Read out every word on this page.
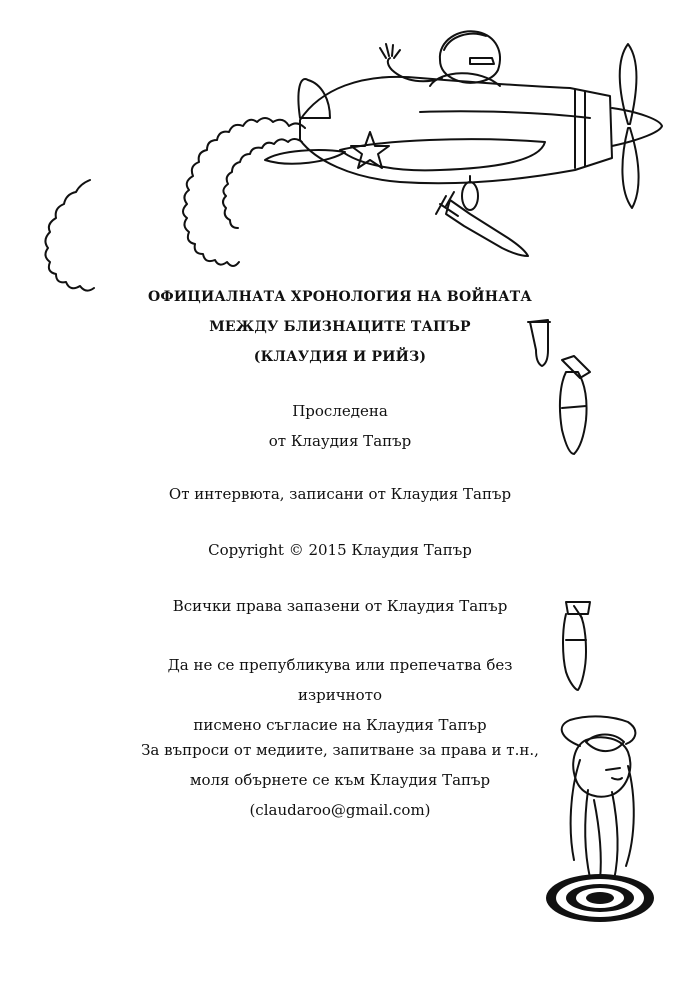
ОФИЦИАЛНАТА ХРОНОЛОГИЯ НА ВОЙНАТА
МЕЖДУ БЛИЗНАЦИТЕ ТАПЪР
(КЛАУДИЯ И РИЙЗ)
Проследена
от Клаудия Тапър
От интервюта, записани от Клаудия Тапър
Copyright © 2015 Клаудия Тапър
Всички права запазени от Клаудия Тапър
Да не се препубликува или препечатва без изричното
писмено съгласие на Клаудия Тапър
За въпроси от медиите, запитване за права и т.н.,
моля обърнете се към Клаудия Тапър
(claudaroo@gmail.com)
